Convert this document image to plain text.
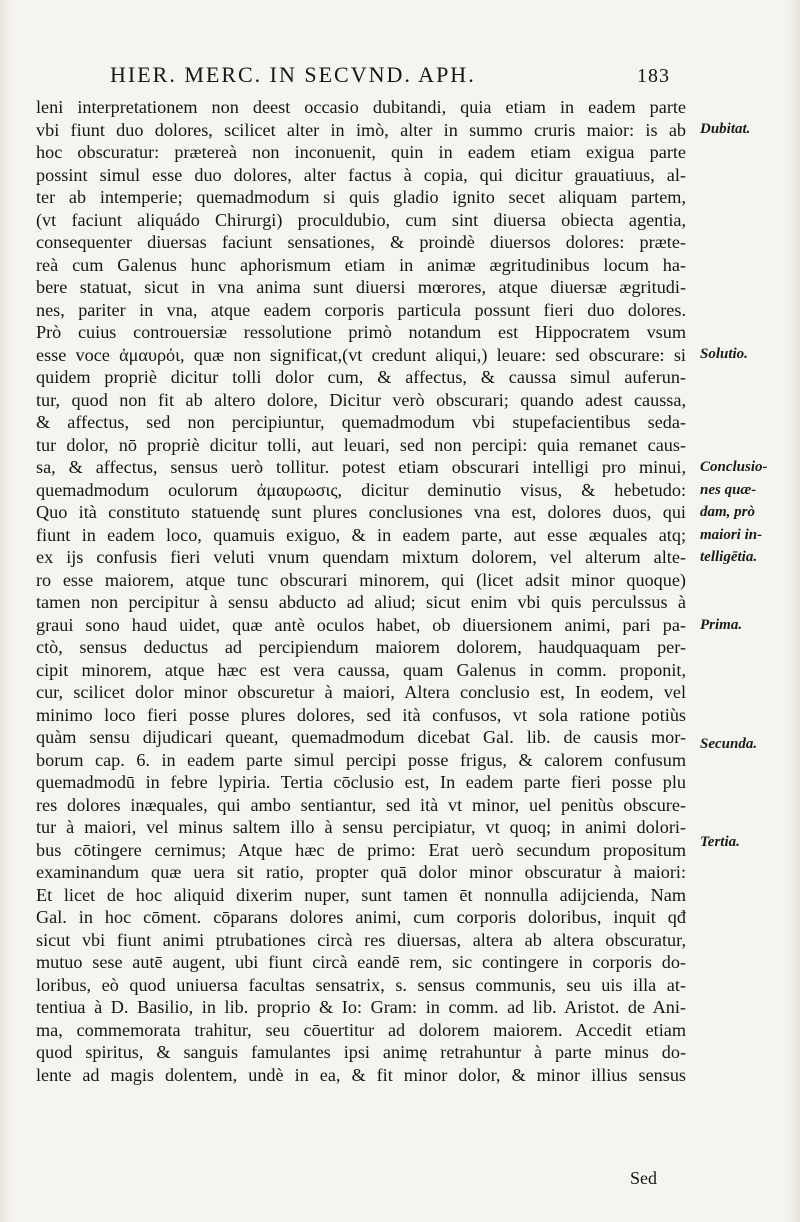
HIER. MERC. IN SECVND. APH.	183
leni interpretationem non deest occasio dubitandi, quia etiam in eadem parte
vbi fiunt duo dolores, scilicet alter in imò, alter in summo cruris maior: is ab
hoc obscuratur: prætereà non inconuenit, quin in eadem etiam exigua parte
possint simul esse duo dolores, alter factus à copia, qui dicitur grauatiuus, al-
ter ab intemperie; quemadmodum si quis gladio ignito secet aliquam partem,
(vt faciunt aliquádo Chirurgi) proculdubio, cum sint diuersa obiecta agentia,
consequenter diuersas faciunt sensationes, & proindè diuersos dolores: præte-
reà cum Galenus hunc aphorismum etiam in animæ ægritudinibus locum ha-
bere statuat, sicut in vna anima sunt diuersi mœrores, atque diuersæ ægritudi-
nes, pariter in vna, atque eadem corporis particula possunt fieri duo dolores.
Prò cuius controuersiæ ressolutione primò notandum est Hippocratem vsum
esse voce ἀμαυρόι, quæ non significat,(vt credunt aliqui,) leuare: sed obscurare: si
quidem propriè dicitur tolli dolor cum, & affectus, & caussa simul auferun-
tur, quod non fit ab altero dolore, Dicitur verò obscurari; quando adest caussa,
& affectus, sed non percipiuntur, quemadmodum vbi stupefacientibus seda-
tur dolor, nō propriè dicitur tolli, aut leuari, sed non percipi: quia remanet caus-
sa, & affectus, sensus uerò tollitur. potest etiam obscurari intelligi pro minui,
quemadmodum oculorum ἀμαυρωσις, dicitur deminutio visus, & hebetudo:
Quo ità constituto statuendę sunt plures conclusiones vna est, dolores duos, qui
fiunt in eadem loco, quamuis exiguo, & in eadem parte, aut esse æquales atq;
ex ijs confusis fieri veluti vnum quendam mixtum dolorem, vel alterum alte-
ro esse maiorem, atque tunc obscurari minorem, qui (licet adsit minor quoque)
tamen non percipitur à sensu abducto ad aliud; sicut enim vbi quis perculssus à
graui sono haud uidet, quæ antè oculos habet, ob diuersionem animi, pari pa-
ctò, sensus deductus ad percipiendum maiorem dolorem, haudquaquam per-
cipit minorem, atque hæc est vera caussa, quam Galenus in comm. proponit,
cur, scilicet dolor minor obscuretur à maiori, Altera conclusio est, In eodem, vel
minimo loco fieri posse plures dolores, sed ità confusos, vt sola ratione potiùs
quàm sensu dijudicari queant, quemadmodum dicebat Gal. lib. de causis mor-
borum cap. 6. in eadem parte simul percipi posse frigus, & calorem confusum
quemadmodū in febre lypiria. Tertia cōclusio est, In eadem parte fieri posse plu
res dolores inæquales, qui ambo sentiantur, sed ità vt minor, uel penitùs obscure-
tur à maiori, vel minus saltem illo à sensu percipiatur, vt quoq; in animi dolori-
bus cōtingere cernimus; Atque hæc de primo: Erat uerò secundum propositum
examinandum quæ uera sit ratio, propter quā dolor minor obscuratur à maiori:
Et licet de hoc aliquid dixerim nuper, sunt tamen ēt nonnulla adijcienda, Nam
Gal. in hoc cōment. cōparans dolores animi, cum corporis doloribus, inquit qđ
sicut vbi fiunt animi ptrubationes circà res diuersas, altera ab altera obscuratur,
mutuo sese autē augent, ubi fiunt circà eandē rem, sic contingere in corporis do-
loribus, eò quod uniuersa facultas sensatrix, s. sensus communis, seu uis illa at-
tentiua à D. Basilio, in lib. proprio & Io: Gram: in comm. ad lib. Aristot. de Ani-
ma, commemorata trahitur, seu cōuertitur ad dolorem maiorem. Accedit etiam
quod spiritus, & sanguis famulantes ipsi animę retrahuntur à parte minus do-
lente ad magis dolentem, undè in ea, & fit minor dolor, & minor illius sensus
Dubitat.
Solutio.
Conclusio-
nes quæ-
dam, prò
maiori in-
telligētia.
Prima.
Secunda.
Tertia.
Sed
